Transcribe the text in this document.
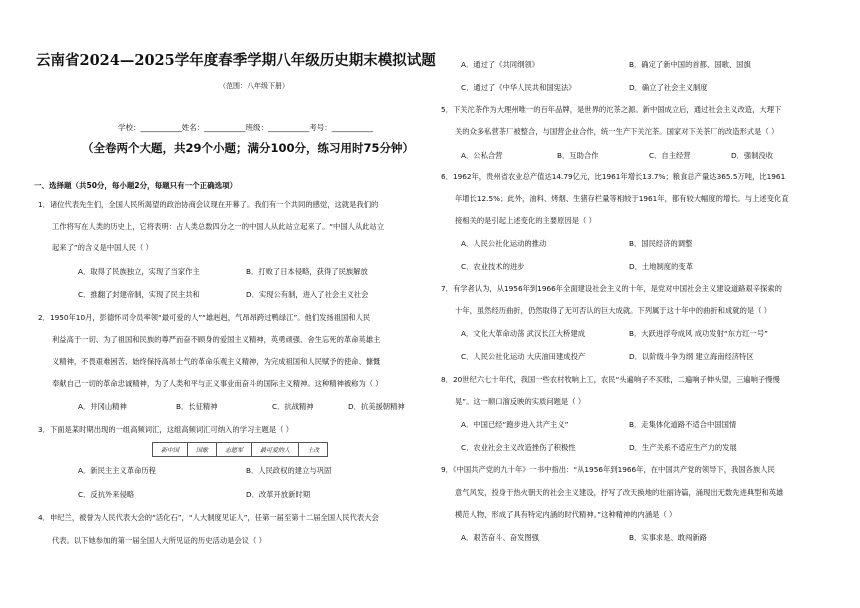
云南省2024—2025学年度春季学期八年级历史期末模拟试题
（范围：八年级下册）
学校：___________姓名：___________班级：___________考号：___________
（全卷两个大题，共29个小题；满分100分，练习用时75分钟）
一、选择题（共50分，每小题2分，每题只有一个正确选项）
1．诸位代表先生们，全国人民所渴望的政治协商会议现在开幕了。我们有一个共同的感觉，这就是我们的
工作将写在人类的历史上，它将表明：占人类总数四分之一的中国人从此站立起来了。“中国人从此站立
起来了”的含义是中国人民（ ）
A．取得了民族独立，实现了当家作主	B．打败了日本侵略，获得了民族解放
C．推翻了封建帝制，实现了民主共和	D．实现公有制，进入了社会主义社会
2．1950年10月，彭德怀司令员率领“最可爱的人”“雄赳赳，气昂昂跨过鸭绿江”。他们发扬祖国和人民
利益高于一切、为了祖国和民族的尊严而奋不顾身的爱国主义精神，英勇顽强、舍生忘死的革命英雄主
义精神，不畏艰难困苦、始终保持高昂士气的革命乐观主义精神，为完成祖国和人民赋予的使命、慷慨
奉献自己一切的革命忠诚精神，为了人类和平与正义事业而奋斗的国际主义精神。这种精神被称为（ ）
A．井冈山精神	B．长征精神	C．抗战精神	D．抗美援朝精神
3．下面是某时期出现的一组高频词汇，这组高频词汇可纳入的学习主题是（ ）
新中国	国歌	志愿军	最可爱的人	土改
A．新民主主义革命历程	B．人民政权的建立与巩固
C．反抗外来侵略	D．改革开放新时期
4．申纪兰，被誉为人民代表大会的“活化石”，“人大制度见证人”，任第一届至第十二届全国人民代表大会
代表。以下她参加的第一届全国人大所见证的历史活动是会议（ ）
A．通过了《共同纲领》	B．确定了新中国的首都、国歌、国旗
C．通过了《中华人民共和国宪法》	D．确立了社会主义制度
5．下关沱茶作为大理州唯一的百年品牌，是世界的沱茶之源。新中国成立后，通过社会主义改造，大理下
关的众多私营茶厂被整合，与国营企业合作，统一生产下关沱茶。国家对下关茶厂的改造形式是（ ）
A．公私合营	B．互助合作	C．自主经营	D．强制没收
6．1962年，贵州省农业总产值达14.79亿元，比1961年增长13.7%；粮食总产量达365.5万吨，比1961
年增长12.5%；此外，油料、烤烟、生猪存栏量等相较于1961年，都有较大幅度的增长。与上述变化直
接相关的是引起上述变化的主要原因是（ ）
A．人民公社化运动的推动	B．国民经济的调整
C．农业技术的进步	D．土地制度的变革
7．有学者认为，从1956年到1966年全面建设社会主义的十年，是党对中国社会主义建设道路艰辛探索的
十年，虽然经历曲折，仍然取得了无可否认的巨大成就。下列属于这十年中的曲折和成就的是（ ）
A．文化大革命动荡 武汉长江大桥建成	B．大跃进浮夸成风 成功发射“东方红一号”
C．人民公社化运动 大庆油田建成投产	D．以阶级斗争为纲 建立海南经济特区
8．20世纪六七十年代，我国一些农村牧响上工，农民“头遍响子不买账，二遍响子伸头望，三遍响子慢慢
晃”。这一顺口溜反映的实质问题是（ ）
A．中国已经“跑步进入共产主义”	B．走集体化道路不适合中国国情
C．农业社会主义改造挫伤了积极性	D．生产关系不适应生产力的发展
9．《中国共产党的九十年》一书中指出：“从1956年到1966年，在中国共产党的领导下，我国各族人民
意气风发，投身于热火朝天的社会主义建设，抒写了改天换地的壮丽诗篇，涌现出无数先进典型和英雄
模范人物，形成了具有特定内涵的时代精神。”这种精神的内涵是（ ）
A．艰苦奋斗、奋发图强	B．实事求是、敢闯新路
